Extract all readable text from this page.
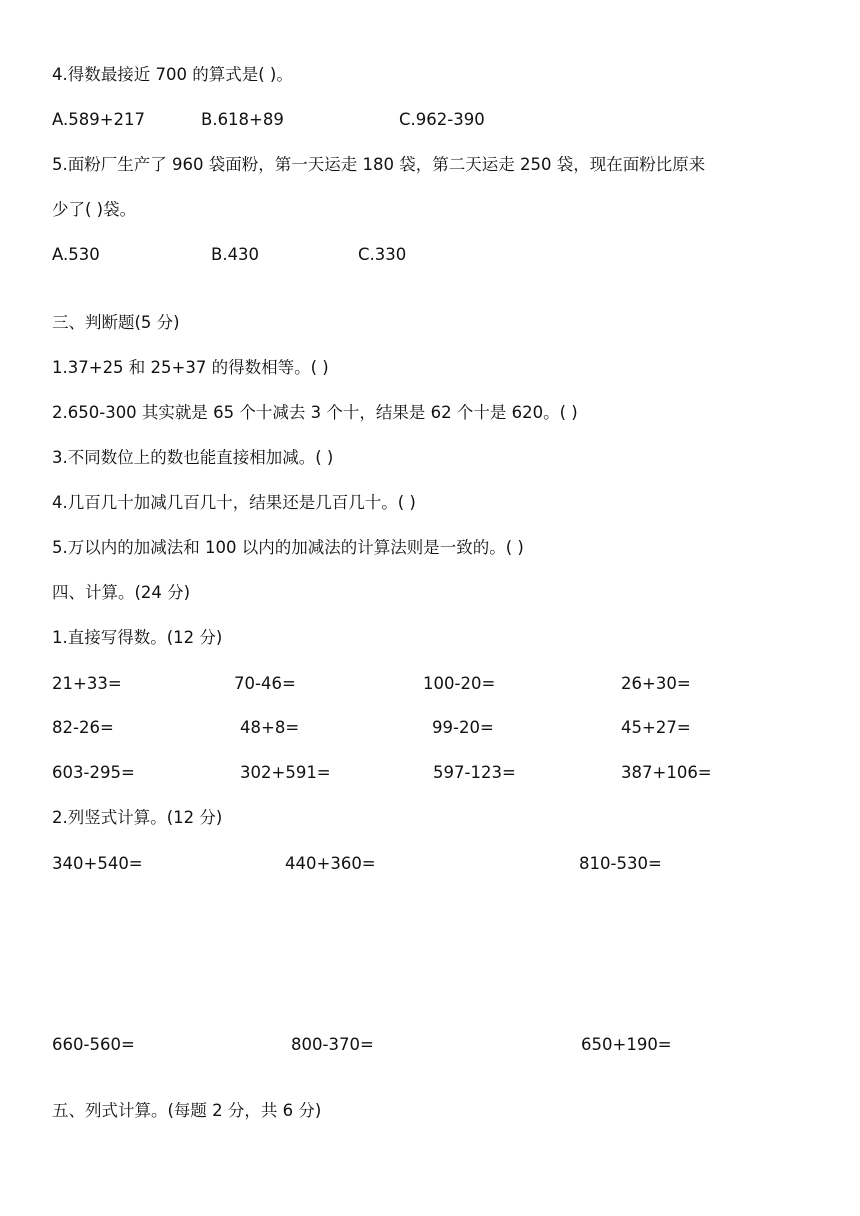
4.得数最接近 700 的算式是( )。
A.589+217	B.618+89	C.962-390
5.面粉厂生产了 960 袋面粉，第一天运走 180 袋，第二天运走 250 袋，现在面粉比原来
少了( )袋。
A.530	B.430	C.330
三、判断题(5 分)
1.37+25 和 25+37 的得数相等。( )
2.650-300 其实就是 65 个十减去 3 个十，结果是 62 个十是 620。( )
3.不同数位上的数也能直接相加减。( )
4.几百几十加减几百几十，结果还是几百几十。( )
5.万以内的加减法和 100 以内的加减法的计算法则是一致的。( )
四、计算。(24 分)
1.直接写得数。(12 分)
21+33=	70-46=	100-20=	26+30=
82-26=	48+8=	99-20=	45+27=
603-295=	302+591=	597-123=	387+106=
2.列竖式计算。(12 分)
340+540=	440+360=	810-530=
660-560=	800-370=	650+190=
五、列式计算。(每题 2 分，共 6 分)
